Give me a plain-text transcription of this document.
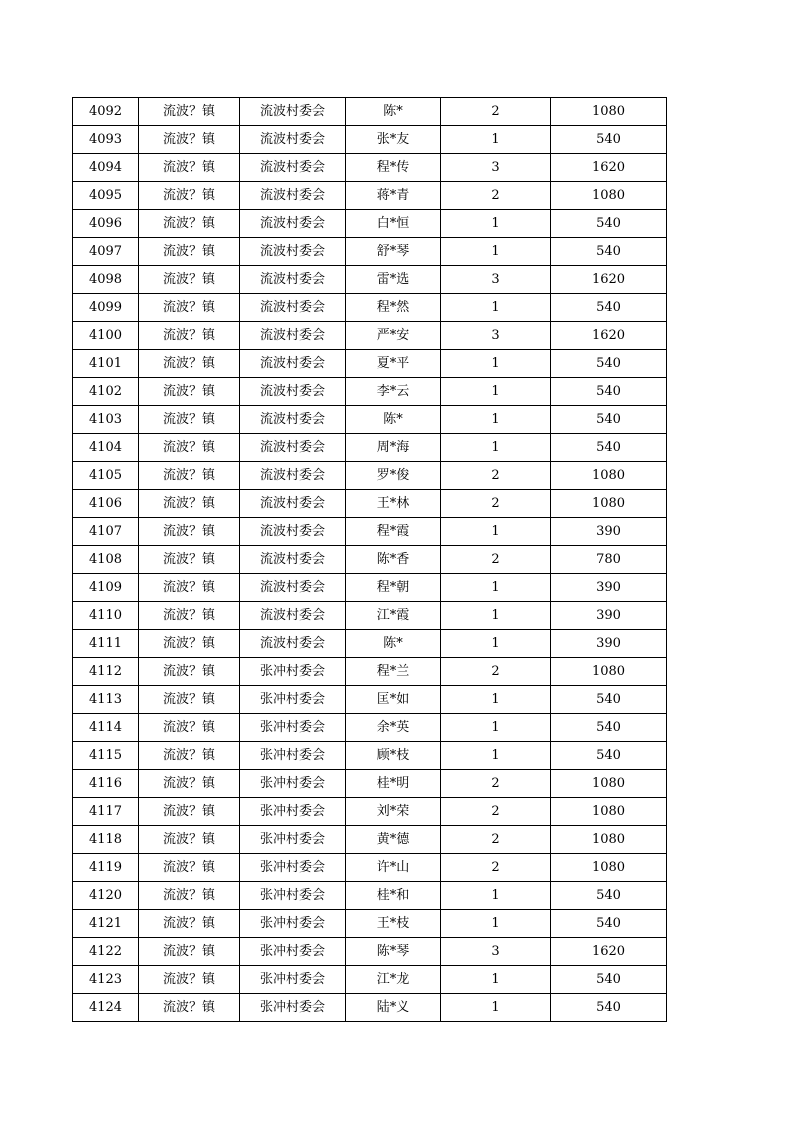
4092	流波？镇	流波村委会	陈*	2	1080
4093	流波？镇	流波村委会	张*友	1	540
4094	流波？镇	流波村委会	程*传	3	1620
4095	流波？镇	流波村委会	蒋*青	2	1080
4096	流波？镇	流波村委会	白*恒	1	540
4097	流波？镇	流波村委会	舒*琴	1	540
4098	流波？镇	流波村委会	雷*选	3	1620
4099	流波？镇	流波村委会	程*然	1	540
4100	流波？镇	流波村委会	严*安	3	1620
4101	流波？镇	流波村委会	夏*平	1	540
4102	流波？镇	流波村委会	李*云	1	540
4103	流波？镇	流波村委会	陈*	1	540
4104	流波？镇	流波村委会	周*海	1	540
4105	流波？镇	流波村委会	罗*俊	2	1080
4106	流波？镇	流波村委会	王*林	2	1080
4107	流波？镇	流波村委会	程*霞	1	390
4108	流波？镇	流波村委会	陈*香	2	780
4109	流波？镇	流波村委会	程*朝	1	390
4110	流波？镇	流波村委会	江*霞	1	390
4111	流波？镇	流波村委会	陈*	1	390
4112	流波？镇	张冲村委会	程*兰	2	1080
4113	流波？镇	张冲村委会	匡*如	1	540
4114	流波？镇	张冲村委会	余*英	1	540
4115	流波？镇	张冲村委会	顾*枝	1	540
4116	流波？镇	张冲村委会	桂*明	2	1080
4117	流波？镇	张冲村委会	刘*荣	2	1080
4118	流波？镇	张冲村委会	黄*德	2	1080
4119	流波？镇	张冲村委会	许*山	2	1080
4120	流波？镇	张冲村委会	桂*和	1	540
4121	流波？镇	张冲村委会	王*枝	1	540
4122	流波？镇	张冲村委会	陈*琴	3	1620
4123	流波？镇	张冲村委会	江*龙	1	540
4124	流波？镇	张冲村委会	陆*义	1	540
